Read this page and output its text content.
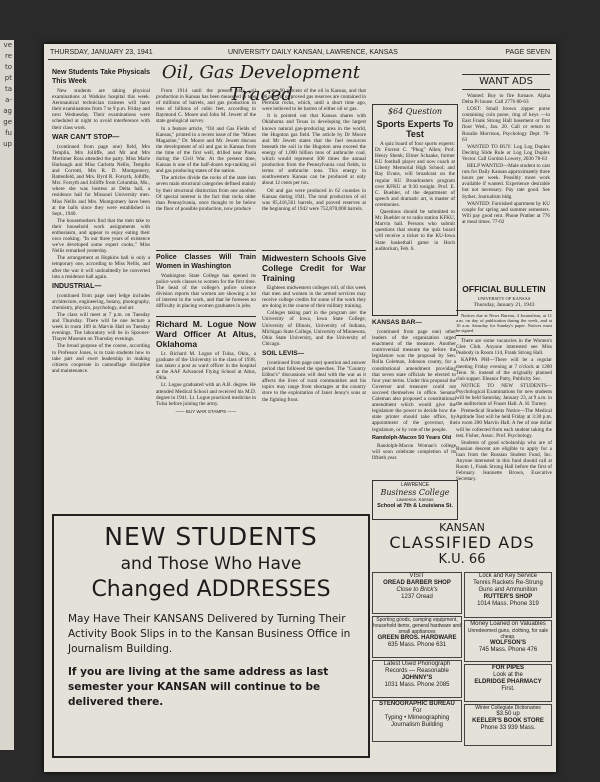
ve
re
to
pt
ta
a-
ag
ge
fu
up
THURSDAY, JANUARY 23, 1941	UNIVERSITY DAILY KANSAN, LAWRENCE, KANSAS	PAGE SEVEN
New Students Take Physicals This Week

New students are taking physical examinations at Watkins hospital this week. Aeronautical technician trainees will have their examinations from 7 to 9 p.m. Friday and next Wednesday. Their examinations were scheduled at night to avoid interference with their class work.

WAR CAN'T STOP—

(continued from page one) field, Mrs Templin, Mrs Jolliffe, and Mr and Mrs Mortimer Ross attended the party. Miss Marie Harbaugh and Miss Carlotta Nellis, Templin and Corrotti, Mrs R. D. Montgomery, Battenfeld, and Mrs. Byrd R. Forsyth, Jolliffe, Mrs. Forsyth and Jolliffe from Columbia, Mo., where she was hostess at Delta hall, a residence hall for Missouri University men. Miss Nellis and Mrs. Montgomery have been at the halls since they were established in Sept., 1940.

The housemothers find that the men take to their household work assignments with enthusiasm, and appear to enjoy eating their own cooking. "In our three years of existence we've developed some expert cooks," Miss Nellis remarked yesterday.

The arrangement at Hopkins hall is only a temporary one, according to Miss Nellis, and after the war it will undoubtedly be converted into a residence hall again.

INDUSTRIAL—

(continued from page one) ledge includes architecture, engineering, botany, photography, chemistry, physics, psychology, and art.

The class will meet at 7 p.m. on Tuesday and Thursday. There will be one lecture a week in room 109 in Marvin Hall on Tuesday evenings. The laboratory will be in Spooner-Thayer Museum on Thursday evenings.

The broad purpose of the course, according to Professor Jones, is to train students how to take part and exert leadership in making citizens cooperate in camouflage discipline and maintenance.

Oil, Gas Development Traced

From 1914 until the present day, oil production in Kansas has been measured in tens of millions of barrels, and gas production in tens of billions of cubic feet, according to Raymond C. Moore and John M. Jewett of the state geological survey.

In a feature article, "Oil and Gas Fields of Kansas," printed in a recent issue of the "Mines Magazine," Dr. Moore and Mr. Jewett discuss the development of oil and gas in Kansas from the time of the first well, drilled near Paola during the Civil War. At the present time, Kansas is one of the half-dozen top-ranking oil and gas producing states of the nation.

The articles divide the rocks of the state into seven main structural categories defined mainly by their structural distinction from one another. Of special interest is the fact that rocks older than Pennsylvania, once thought to be below the floor of possible production, now produce

some 90 percent of the oil in Kansas, and that 96 percent of proved gas reserves are contained in Permian rocks, which, until a short time ago, were believed to be barren of either oil or gas.

It is pointed out that Kansas shares with Oklahoma and Texas in developing the largest known natural gas-producing area in the world, the Hugoton gas field. The article by Dr Moore and Mr Jewett states that the fuel resources beneath the soil in the Hugoton area exceed the energy of 1,000 billion tons of anthracite coal, which would represent 300 times the annual production from the Pennsylvania coal fields, in terms of anthracite tons. This energy in southwestern Kansas can be produced at only about 12 cents per ton.

Oil and gas were produced in 62 counties in Kansas during 1941. The total production of oil was 85,416,561 barrels, and proved reserves at the beginning of 1942 were 752,870,000 barrels.

Police Classes Will Train Women in Washington

Washington State College has opened its police work classes to women for the first time. The head of the college's police science division reports that women are showing a lot of interest in the work, and that he foresees no difficulty in placing women graduates in jobs.

Richard M. Logue Now Ward Officer At Altus, Oklahoma

Lt. Richard M. Logue of Tulsa, Okla., a graduate of the University in the class of 1938, has taken a post as ward officer in the hospital at the AAF Advanced Flying School at Altus, Okla.

Lt. Logue graduated with an A.B. degree. He attended Medical School and received his M.D. degree in 1941. Lt. Logue practiced medicine in Tulsa before joining the army.

—— BUY WAR STAMPS ——
Midwestern Schools Give College Credit for War Training

Eighteen midwestern colleges roll, of this week that men and women in the armed services may receive college credits for some of the work they are doing in the course of their military training.

Colleges taking part in the program are: the University of Iowa, Iowa State College, University of Illinois, University of Indiana, Michigan State College, University of Minnesota, Ohio State University, and the University of Chicago.

SOIL LEVIS—

(continued from page one) question and answer period that followed the speeches. The "Country Editor's" discussions will deal with the war as it affects the lives of rural communities and his topics may range from shortages at the country store to the exploitation of Janet Jenny's sons at the fighting front.

$64 Question
Sports Experts To Test

A quiz board of four sports experts: Dr. Forrest C. "Phog" Allen; Prof. Henry Shenk; Elmer Schaake, former KU football player and now coach at Liberty Memorial High School; and Ray Evans, will broadcast on the regular KU Broadcasters program over KFKU at 9:30 tonight. Prof. E. C. Buehler, of the department of speech and dramatic art, is master of ceremonies.

Questions should be submitted to Mr. Buehler or to radio station KFKU, Marvin hall. Persons who submit questions that stump the quiz board will receive a ticket to the KU-Iowa State basketball game in Hoch auditorium, Feb. 6.

KANSAS BAR—

(continued from page one) other leaders of the organization urged enactment of the measure. Another controversial measure up before the legislature was the proposal by Sen. Rolla Coleman, Johnson county, for a constitutional amendment providing that seven state officials be elected to four year terms. Under this proposal the Governor and treasurer could not succeed themselves in office. Senator Coleman also proposed a constitutional amendment which would give the legislature the power to decide how the state printer should take office, by appointment of the governor, the legislature, or by vote of the people.

Randolph-Macon 50 Years Old

Randolph-Macon Woman's college will soon celebrate completion of its fiftieth year.

LAWRENCE
Business College
Lawrence, Kansas
School at 7th & Louisiana St.
NEW STUDENTS
and Those Who Have
Changed ADDRESSES
May Have Their KANSANS Delivered by Turning Their Activity Book Slips in to the Kansan Business Office in Journalism Building.
If you are living at the same address as last semester your KANSAN will continue to be delivered there.
WANT ADS

Wanted: Boy to fire furnace. Alpha Delta Pi house. Call 2776 80-63

LOST: Small brown zipper purse containing coin purse, ring of keys —in East Frank Strong Hall basement or first floor Wed., Jan. 20. Call or return to Rosalie Morrison, Psychology Dept. 78-63

WANTED TO BUY: Log Log Duplex Decitrig Slide Rule or Log Log Duplex Vector. Call Gordon Lowery, 2036 78-63

HELP WANTED—Male student to cast ruts for Daily Kansan approximately three hours per week. Possibly more work available if wanted. Experience desirable but not necessary. Pay rate good. See Syther, Journalism bldg.

WANTED: Furnished apartment by KU couple for spring and summer semesters. Will pay good rent. Phone Prather at 776 at meal times. 77-62

OFFICIAL BULLETIN
UNIVERSITY OF KANSAS
Thursday, January 21, 1943

Notices due at News Bureau, 4 Journalism, at 11 a.m. on day of publication during the week, and at 10 a.m. Saturday for Sunday's paper. Notices must be signed.

There are some vacancies in the Women's Glee Club. Anyone interested see Miss Peabody in Room 114, Frank Strong Hall.

KAPPA PHI—There will be a regular meeting Friday evening at 7 o'clock at 1200 Tenn. St. instead of the originally planned club supper. Eleanor Patty, Publicity Sec.

NOTICE TO NEW STUDENTS—Psychological Examinations for new students will be held Saturday, January 23, at 9 a.m. in the auditorium of Fraser Hall. A. H. Turney.

Premedical Students Notice—The Medical Aptitude Test will be held Friday at 3:30 p.m. in room 200 Marvin Hall. A fee of one dollar will be collected from each student taking the test. Fisher, Assoc. Prof. Psychology.

Students of good scholarship who are of Russian descent are eligible to apply for a loan from the Russian Student Fund, Inc. Anyone interested in this fund should call at Room 1, Frank Strong Hall before the first of February. Jeannette Brown, Executive Secretary.

KANSAN
CLASSIFIED ADS
K.U. 66
VISIT
OREAD BARBER SHOP
Close to Brick's
1237 Oread
Lock and Key Service
Tennis Rackets Re-Strung
Guns and Ammunition
RUTTER'S SHOP
1014 Mass. Phone 319
Sporting goods, camping equipment, household items, general hardware and small appliances
GREEN BROS. HARDWARE
635 Mass. Phone 631
Money Loaned on Valuables
Unredeemed guns, clothing, for sale cheap.
WOLFSON'S
745 Mass. Phone 476
Latest Used Phonograph
Records — Reasonable
JOHNNY'S
1031 Mass. Phone 2085
FOR PIPES
Look at the
ELDRIDGE PHARMACY
First.
STENOGRAPHIC BUREAU
For
Typing • Mimeographing
Journalism Building
Winter Collegiate Dictionaries
$3.50 up
KEELER'S BOOK STORE
Phone 33 939 Mass.
